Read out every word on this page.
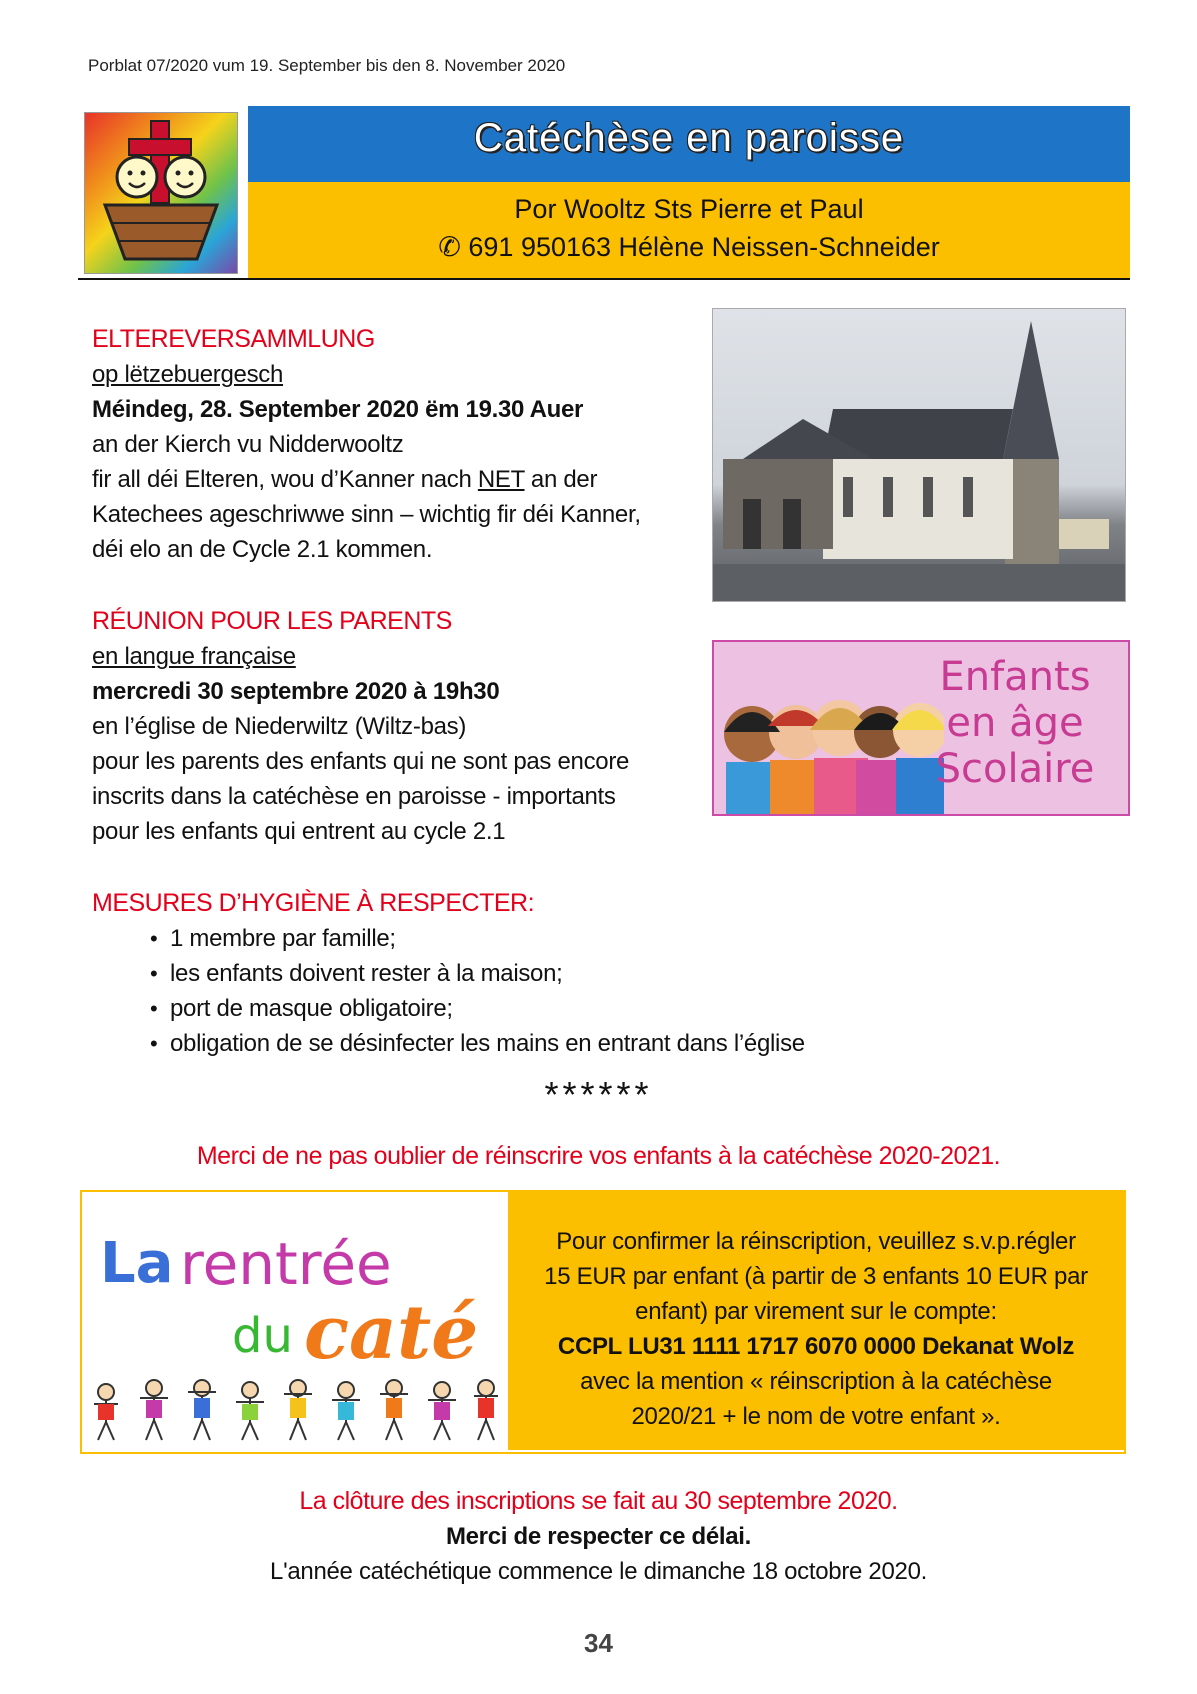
Porblat 07/2020 vum 19. September bis den 8. November 2020
Catéchèse en paroisse
Por Wooltz Sts Pierre et Paul
✆ 691 950163 Hélène Neissen-Schneider
ELTEREVERSAMMLUNG
op lëtzebuergesch
Méindeg, 28. September 2020 ëm 19.30 Auer
an der Kierch vu Nidderwooltz
fir all déi Elteren, wou d’Kanner nach NET an der
Katechees ageschriwwe sinn – wichtig fir déi Kanner,
déi elo an de Cycle 2.1 kommen.
RÉUNION POUR LES PARENTS
en langue française
mercredi 30 septembre 2020 à 19h30
en l’église de Niederwiltz (Wiltz-bas)
pour les parents des enfants qui ne sont pas encore
inscrits dans la catéchèse en paroisse - importants
pour les enfants qui entrent au cycle 2.1
Enfants
en âge
Scolaire
MESURES D’HYGIÈNE À RESPECTER:
• 1 membre par famille;
• les enfants doivent rester à la maison;
• port de masque obligatoire;
• obligation de se désinfecter les mains en entrant dans l’église
******
Merci de ne pas oublier de réinscrire vos enfants à la catéchèse 2020-2021.
La rentrée
du caté
Pour confirmer la réinscription, veuillez s.v.p.régler
15 EUR par enfant (à partir de 3 enfants 10 EUR par
enfant) par virement sur le compte:
CCPL LU31 1111 1717 6070 0000 Dekanat Wolz
avec la mention « réinscription à la catéchèse
2020/21 + le nom de votre enfant ».
La clôture des inscriptions se fait au 30 septembre 2020.
Merci de respecter ce délai.
L'année catéchétique commence le dimanche 18 octobre 2020.
34
